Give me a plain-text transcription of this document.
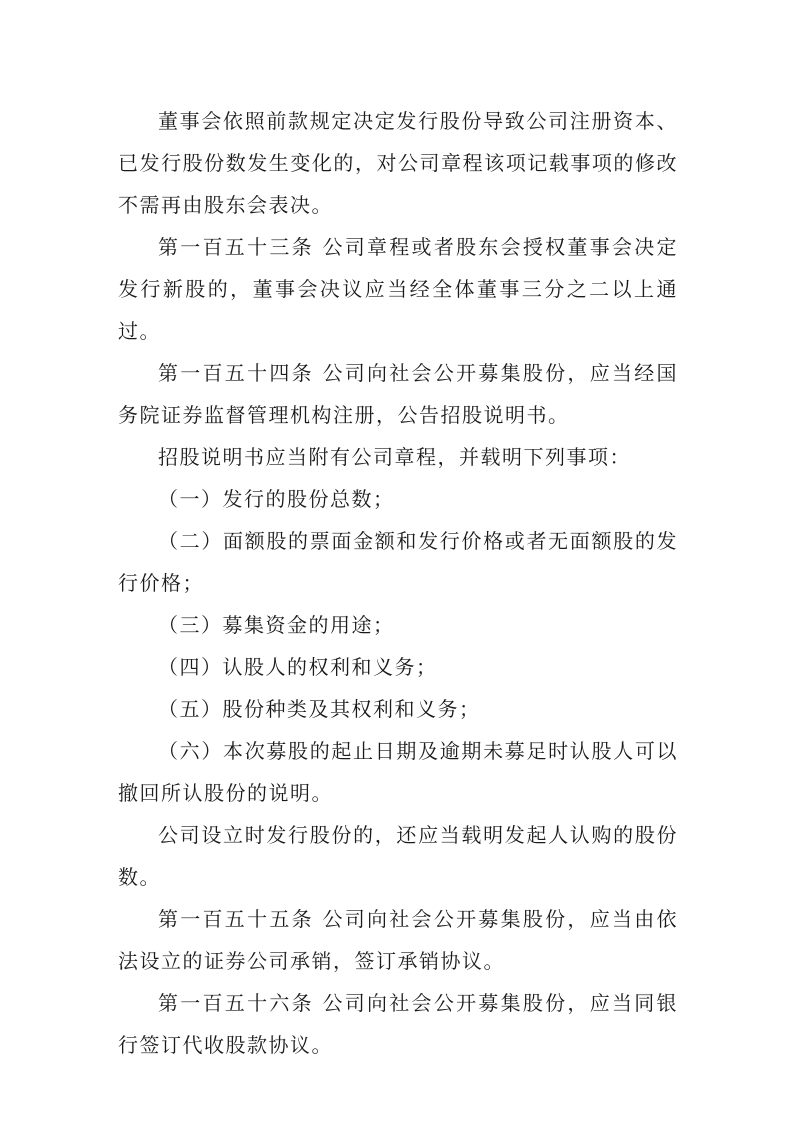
董事会依照前款规定决定发行股份导致公司注册资本、已发行股份数发生变化的，对公司章程该项记载事项的修改不需再由股东会表决。

第一百五十三条 公司章程或者股东会授权董事会决定发行新股的，董事会决议应当经全体董事三分之二以上通过。

第一百五十四条 公司向社会公开募集股份，应当经国务院证券监督管理机构注册，公告招股说明书。

招股说明书应当附有公司章程，并载明下列事项：

（一）发行的股份总数；

（二）面额股的票面金额和发行价格或者无面额股的发行价格；

（三）募集资金的用途；

（四）认股人的权利和义务；

（五）股份种类及其权利和义务；

（六）本次募股的起止日期及逾期未募足时认股人可以撤回所认股份的说明。

公司设立时发行股份的，还应当载明发起人认购的股份数。

第一百五十五条 公司向社会公开募集股份，应当由依法设立的证券公司承销，签订承销协议。

第一百五十六条 公司向社会公开募集股份，应当同银行签订代收股款协议。
